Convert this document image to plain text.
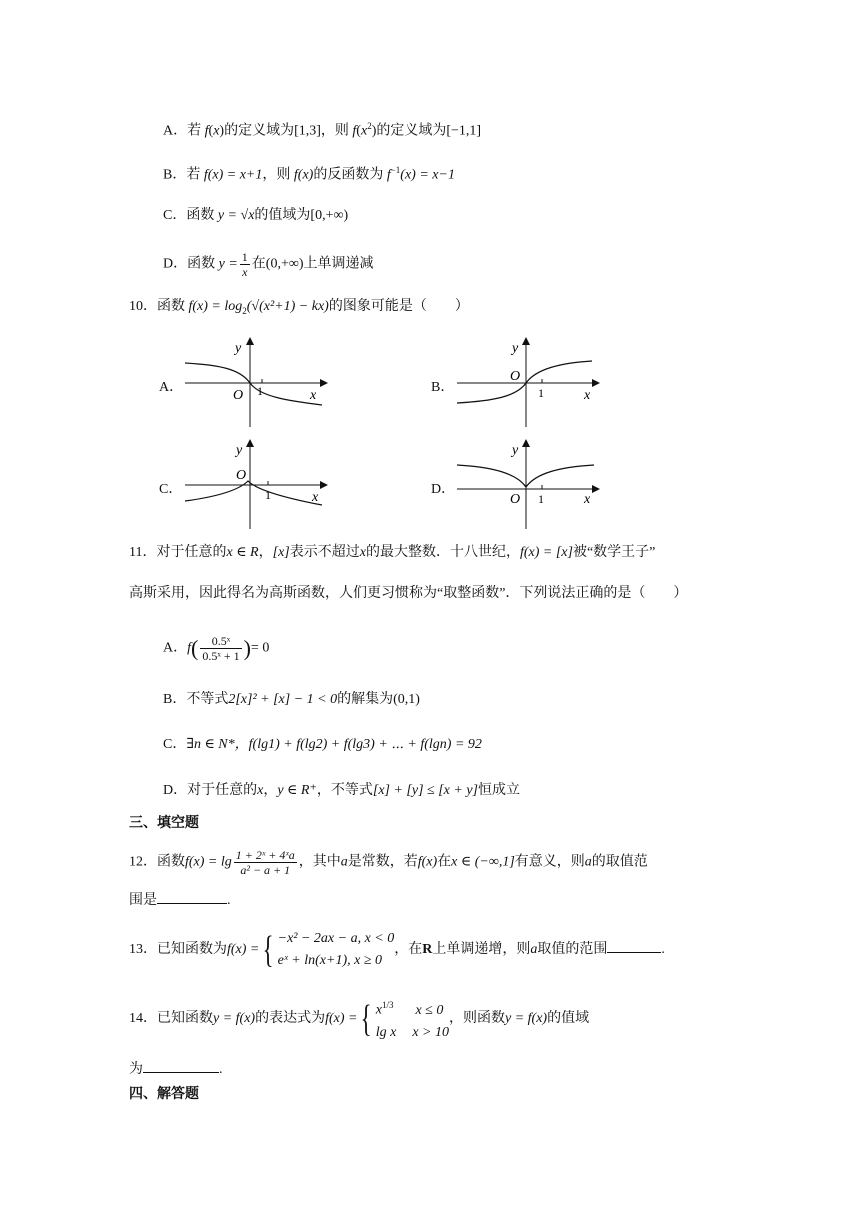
A．若 f(x)的定义域为[1,3]，则 $f(x^2)$的定义域为[−1,1]
B．若 f(x) = x+1，则 f(x)的反函数为 $f^{-1}(x) = x-1$
C．函数 y = √x的值域为[0,+∞)
D．函数 $y = \frac{1}{x}$ 在(0,+∞)上单调递减
10．函数 $f(x) = \log_2(√(x^2+1) - kx)$的图象可能是（　　）
A．	B．
C．	D．
y
O 1	x
y
O
1	x
y
O
1	x
y
O 1	x
11．对于任意的x ∈ R，[x]表示不超过x的最大整数．十八世纪，f(x) = [x]被“数学王子”
高斯采用，因此得名为高斯函数，人们更习惯称为“取整函数”．下列说法正确的是（　　）
A．$f( \frac{\text{0.5ˣ}}{\text{0.5ˣ + 1}}$ )= 0
B．不等式2[x]² + [x] − 1 < 0的解集为(0,1)
C．∃n ∈ N*，f(lg1) + f(lg2) + f(lg3) + ⋯ + f(lgn) = 92
D．对于任意的x，y ∈ R⁺，不等式[x] + [y] ≤ [x + y]恒成立
三、填空题
12．函数$f(x) = \lg \frac{\text{1 + 2ˣ + 4ˣa}}{\text{a² − a + 1}}$ ，其中a是常数，若f(x)在x ∈ (−∞,1]有意义，则a的取值范
围是	.
13．已知函数为f(x) ={ −x² − 2ax − a, x < 0
eˣ + ln(x+1), x ≥ 0
，在R上单调递增，则a取值的范围	.
14．已知函数y = f(x)的表达式为f(x) ={ $x^{1/3}$ x ≤ 0
lg x x > 10
，则函数y = f(x)的值域
为	.
四、解答题
